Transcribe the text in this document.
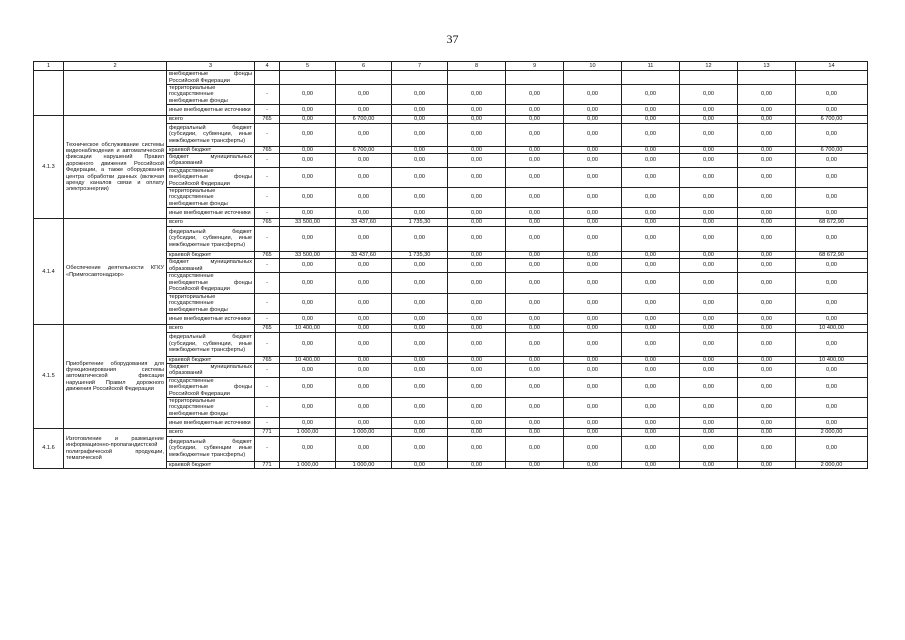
37
1	2	3	4	5	6	7	8	9	10	11	12	13	14
		внебюджетные фонды Российской Федерации											
		территориальные государственные внебюджетные фонды	-	0,00	0,00	0,00	0,00	0,00	0,00	0,00	0,00	0,00	0,00
		иные внебюджетные источники	-	0,00	0,00	0,00	0,00	0,00	0,00	0,00	0,00	0,00	0,00
4.1.3	Техническое обслуживание системы видеонаблюдения и автоматической фиксации нарушений Правил дорожного движения Российской Федерации, а также оборудования центра обработки данных (включая аренду каналов связи и оплату электроэнергии)	всего	765	0,00	6 700,00	0,00	0,00	0,00	0,00	0,00	0,00	0,00	6 700,00
		федеральный бюджет (субсидии, субвенции, иные межбюджетные трансферты)	-	0,00	0,00	0,00	0,00	0,00	0,00	0,00	0,00	0,00	0,00
		краевой бюджет	765	0,00	6 700,00	0,00	0,00	0,00	0,00	0,00	0,00	0,00	6 700,00
		бюджет муниципальных образований	-	0,00	0,00	0,00	0,00	0,00	0,00	0,00	0,00	0,00	0,00
		государственные внебюджетные фонды Российской Федерации	-	0,00	0,00	0,00	0,00	0,00	0,00	0,00	0,00	0,00	0,00
		территориальные государственные внебюджетные фонды	-	0,00	0,00	0,00	0,00	0,00	0,00	0,00	0,00	0,00	0,00
		иные внебюджетные источники	-	0,00	0,00	0,00	0,00	0,00	0,00	0,00	0,00	0,00	0,00
4.1.4	Обеспечение деятельности КГКУ «Примгосавтонадзор»	всего	765	33 500,00	33 437,60	1 735,30	0,00	0,00	0,00	0,00	0,00	0,00	68 672,90
		федеральный бюджет (субсидии, субвенции, иные межбюджетные трансферты)	-	0,00	0,00	0,00	0,00	0,00	0,00	0,00	0,00	0,00	0,00
		краевой бюджет	765	33 500,00	33 437,60	1 735,30	0,00	0,00	0,00	0,00	0,00	0,00	68 672,90
		бюджет муниципальных образований	-	0,00	0,00	0,00	0,00	0,00	0,00	0,00	0,00	0,00	0,00
		государственные внебюджетные фонды Российской Федерации	-	0,00	0,00	0,00	0,00	0,00	0,00	0,00	0,00	0,00	0,00
		территориальные государственные внебюджетные фонды	-	0,00	0,00	0,00	0,00	0,00	0,00	0,00	0,00	0,00	0,00
		иные внебюджетные источники	-	0,00	0,00	0,00	0,00	0,00	0,00	0,00	0,00	0,00	0,00
4.1.5	Приобретение оборудования для функционирования системы автоматической фиксации нарушений Правил дорожного движения Российской Федерации	всего	765	10 400,00	0,00	0,00	0,00	0,00	0,00	0,00	0,00	0,00	10 400,00
		федеральный бюджет (субсидии, субвенции, иные межбюджетные трансферты)	-	0,00	0,00	0,00	0,00	0,00	0,00	0,00	0,00	0,00	0,00
		краевой бюджет	765	10 400,00	0,00	0,00	0,00	0,00	0,00	0,00	0,00	0,00	10 400,00
		бюджет муниципальных образований	-	0,00	0,00	0,00	0,00	0,00	0,00	0,00	0,00	0,00	0,00
		государственные внебюджетные фонды Российской Федерации	-	0,00	0,00	0,00	0,00	0,00	0,00	0,00	0,00	0,00	0,00
		территориальные государственные внебюджетные фонды	-	0,00	0,00	0,00	0,00	0,00	0,00	0,00	0,00	0,00	0,00
		иные внебюджетные источники	-	0,00	0,00	0,00	0,00	0,00	0,00	0,00	0,00	0,00	0,00
4.1.6	Изготовление и размещение информационно-пропагандистской полиграфической продукции, тематической	всего	771	1 000,00	1 000,00	0,00	0,00	0,00	0,00	0,00	0,00	0,00	2 000,00
		федеральный бюджет (субсидии, субвенции иные межбюджетные трансферты)	-	0,00	0,00	0,00	0,00	0,00	0,00	0,00	0,00	0,00	0,00
		краевой бюджет	771	1 000,00	1 000,00	0,00	0,00	0,00	0,00	0,00	0,00	0,00	2 000,00
